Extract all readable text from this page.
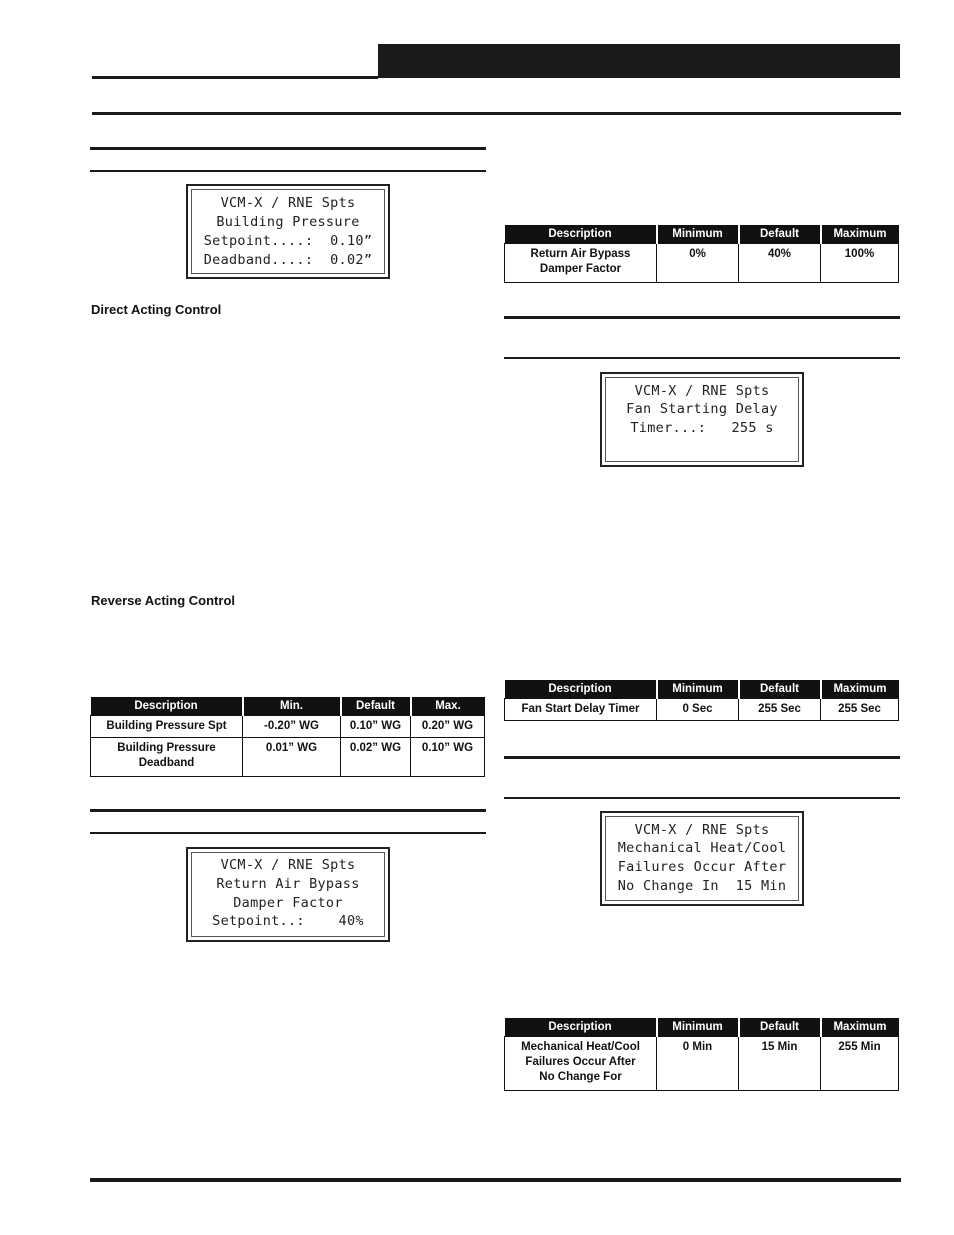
VCM-X / RNE Spts
Building Pressure
Setpoint....:  0.10”
Deadband....:  0.02”
Direct Acting Control
Reverse Acting Control
Description	Min.	Default	Max.
Building Pressure Spt	-0.20” WG	0.10” WG	0.20” WG
Building Pressure
Deadband	0.01” WG	0.02” WG	0.10” WG
VCM-X / RNE Spts
Return Air Bypass
Damper Factor
Setpoint..:    40%
Description	Minimum	Default	Maximum
Return Air Bypass
Damper Factor	0%	40%	100%
VCM-X / RNE Spts
Fan Starting Delay
Timer...:   255 s
Description	Minimum	Default	Maximum
Fan Start Delay Timer	0 Sec	255 Sec	255 Sec
VCM-X / RNE Spts
Mechanical Heat/Cool
Failures Occur After
No Change In  15 Min
Description	Minimum	Default	Maximum
Mechanical Heat/Cool
Failures Occur After
No Change For	0 Min	15 Min	255 Min
